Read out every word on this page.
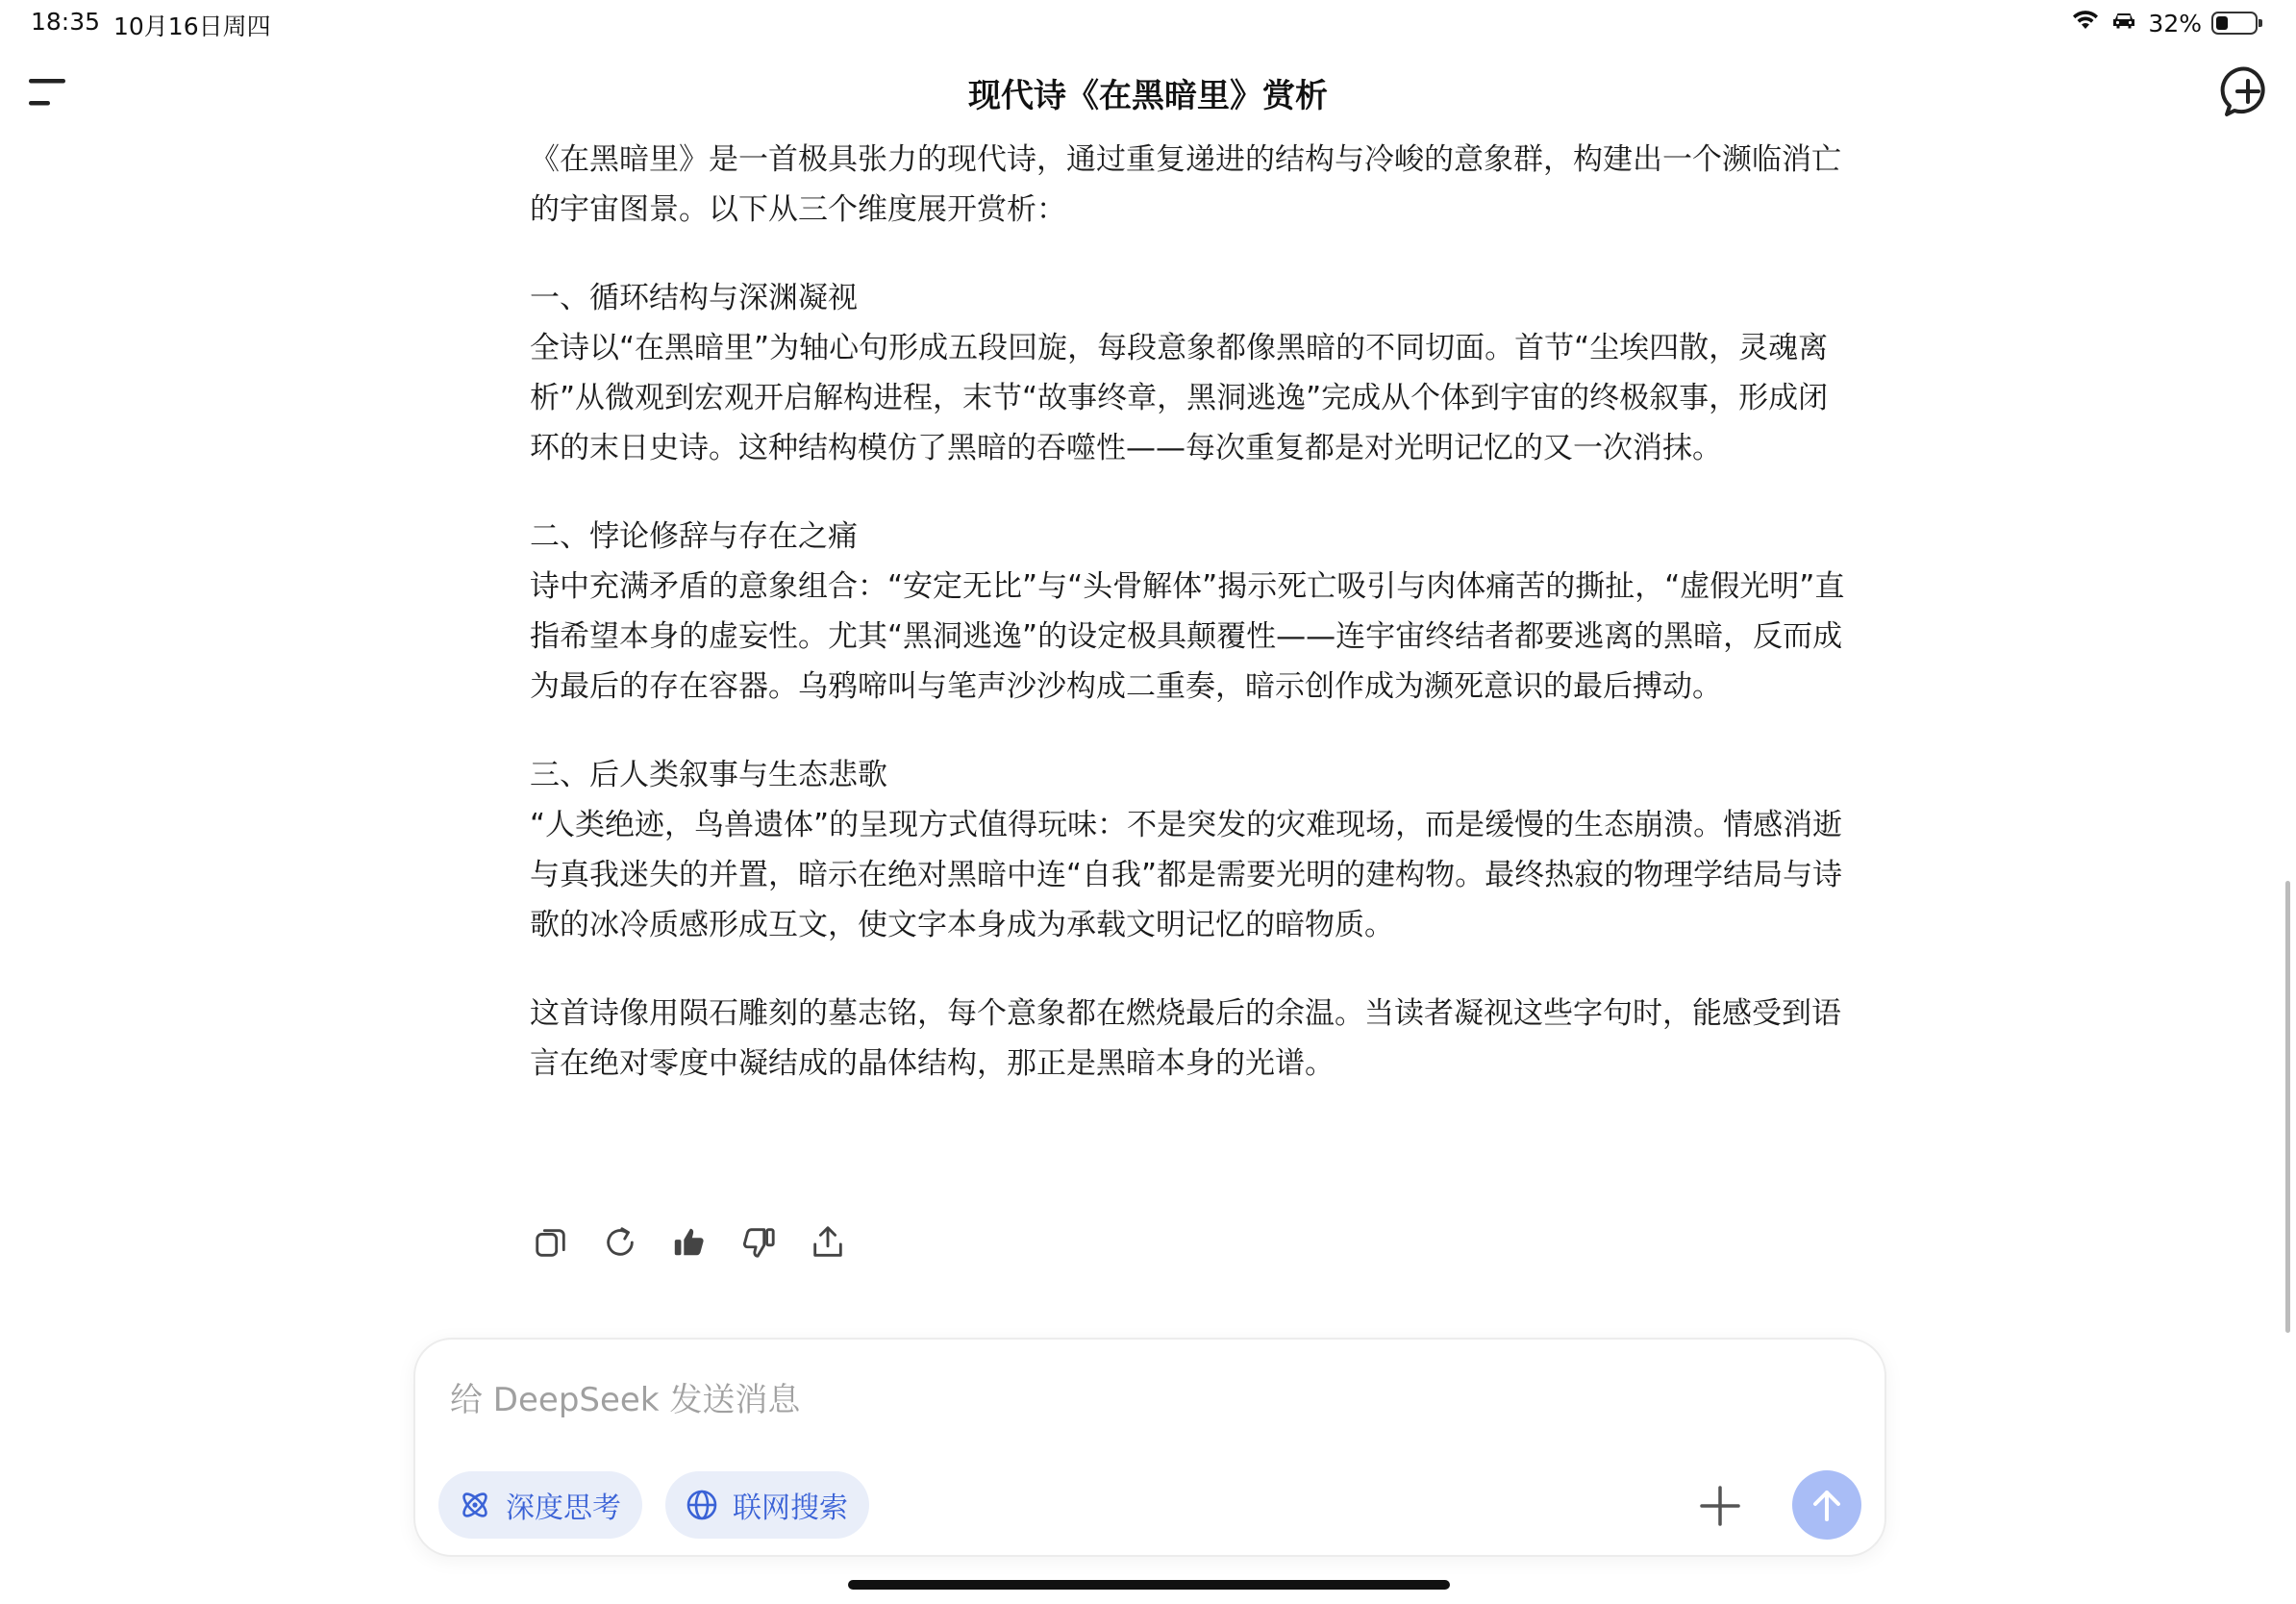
18:35 10月16日周四	32%
现代诗《在黑暗里》赏析

《在黑暗里》是一首极具张力的现代诗，通过重复递进的结构与冷峻的意象群，构建出一个濒临消亡的宇宙图景。以下从三个维度展开赏析：

一、循环结构与深渊凝视
全诗以“在黑暗里”为轴心句形成五段回旋，每段意象都像黑暗的不同切面。首节“尘埃四散，灵魂离析”从微观到宏观开启解构进程，末节“故事终章，黑洞逃逸”完成从个体到宇宙的终极叙事，形成闭环的末日史诗。这种结构模仿了黑暗的吞噬性——每次重复都是对光明记忆的又一次消抹。

二、悖论修辞与存在之痛
诗中充满矛盾的意象组合：“安定无比”与“头骨解体”揭示死亡吸引与肉体痛苦的撕扯，“虚假光明”直指希望本身的虚妄性。尤其“黑洞逃逸”的设定极具颠覆性——连宇宙终结者都要逃离的黑暗，反而成为最后的存在容器。乌鸦啼叫与笔声沙沙构成二重奏，暗示创作成为濒死意识的最后搏动。

三、后人类叙事与生态悲歌
“人类绝迹，鸟兽遗体”的呈现方式值得玩味：不是突发的灾难现场，而是缓慢的生态崩溃。情感消逝与真我迷失的并置，暗示在绝对黑暗中连“自我”都是需要光明的建构物。最终热寂的物理学结局与诗歌的冰冷质感形成互文，使文字本身成为承载文明记忆的暗物质。

这首诗像用陨石雕刻的墓志铭，每个意象都在燃烧最后的余温。当读者凝视这些字句时，能感受到语言在绝对零度中凝结成的晶体结构，那正是黑暗本身的光谱。

给 DeepSeek 发送消息
深度思考	联网搜索
